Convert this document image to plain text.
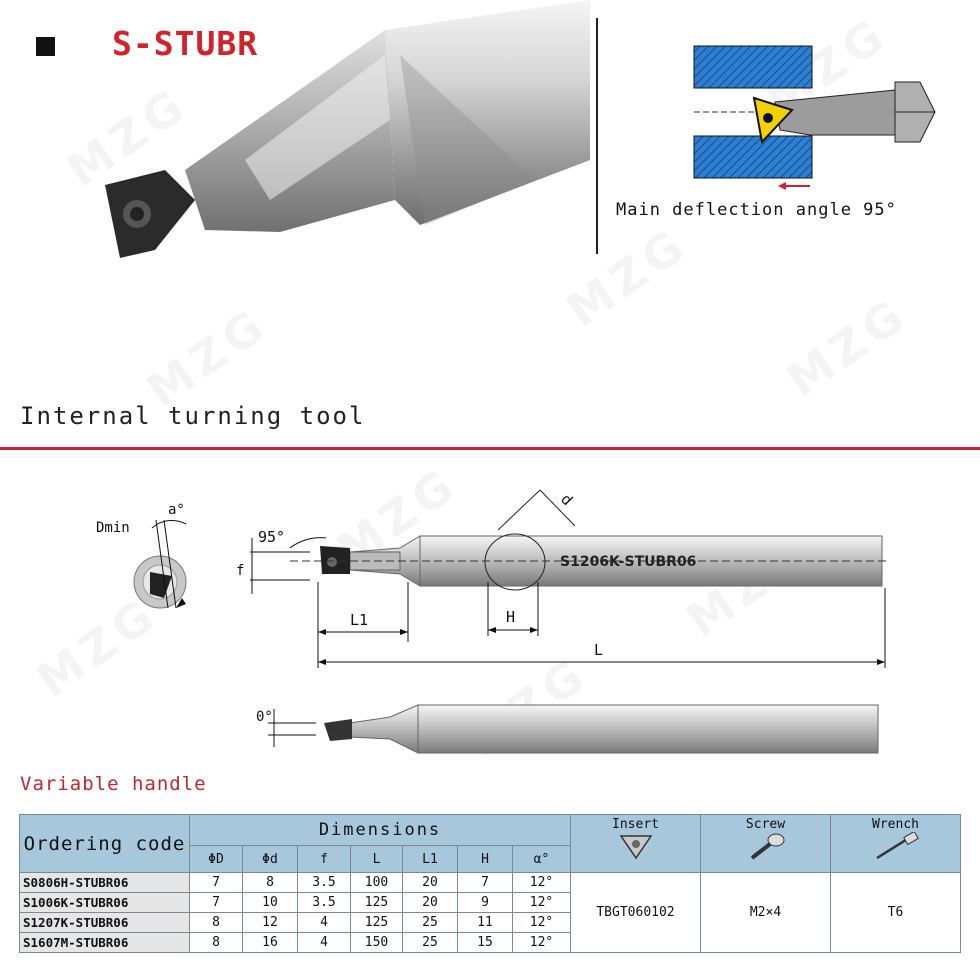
S-STUBR
Main deflection angle 95°
Internal turning tool
Dmin
a°
S1206K-STUBR06
d
95°
f
L1	H
L
0°
Variable handle
Ordering code	Dimensions							Insert	Screw	Wrench

	ΦD	Φd	f	L	L1	H	α°			
S0806H-STUBR06	7	8	3.5	100	20	7	12°	TBGT060102	M2×4	T6
S1006K-STUBR06	7	10	3.5	125	20	9	12°			
S1207K-STUBR06	8	12	4	125	25	11	12°			
S1607M-STUBR06	8	16	4	150	25	15	12°			
